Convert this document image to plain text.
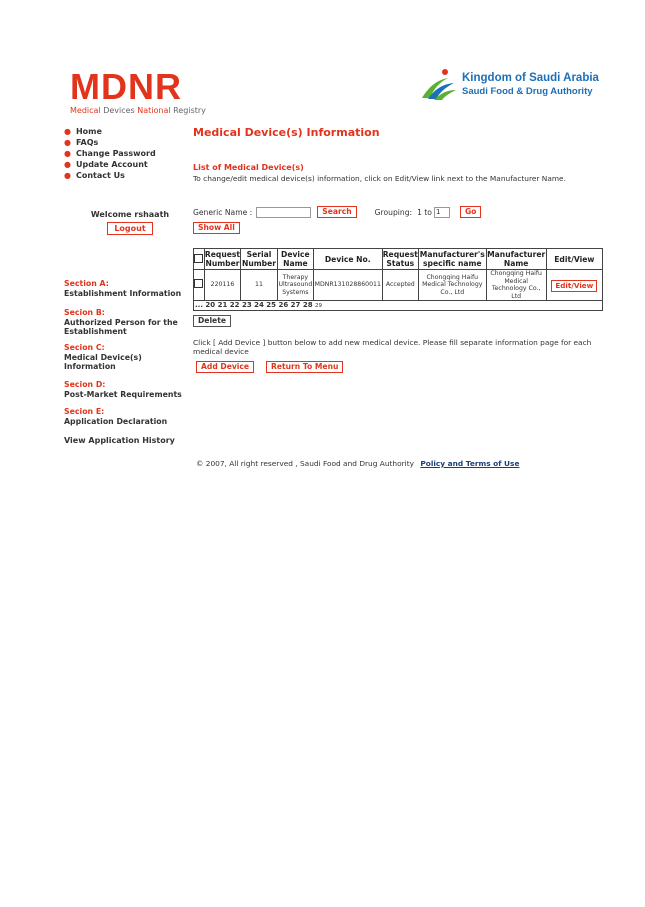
MDNR
Medical Devices National Registry
Kingdom of Saudi Arabia
Saudi Food & Drug Authority
● Home
● FAQs
● Change Password
● Update Account
● Contact Us
Welcome rshaath
Logout
Section A:
Establishment Information
Secion B:
Authorized Person for the Establishment
Secion C:
Medical Device(s) Information
Secion D:
Post-Market Requirements
Secion E:
Application Declaration
View Application History
Medical Device(s) Information
List of Medical Device(s)
To change/edit medical device(s) information, click on Edit/View link next to the Manufacturer Name.
Generic Name :	Search	Grouping: 1 to 1	Go
Show All
	Request Number	Serial Number	Device Name	Device No.	Request Status	Manufacturer's specific name	Manufacturer Name	Edit/View
	220116	11	Therapy Ultrasound Systems	MDNR131028860011	Accepted	Chongqing Haifu Medical Technology Co., Ltd	Chongqing Haifu Medical Technology Co., Ltd	Edit/View
... 20 21 22 23 24 25 26 27 28 29								
Delete
Click [ Add Device ] button below to add new medical device. Please fill separate information page for each medical device
Add Device	Return To Menu
© 2007, All right reserved , Saudi Food and Drug Authority Policy and Terms of Use
